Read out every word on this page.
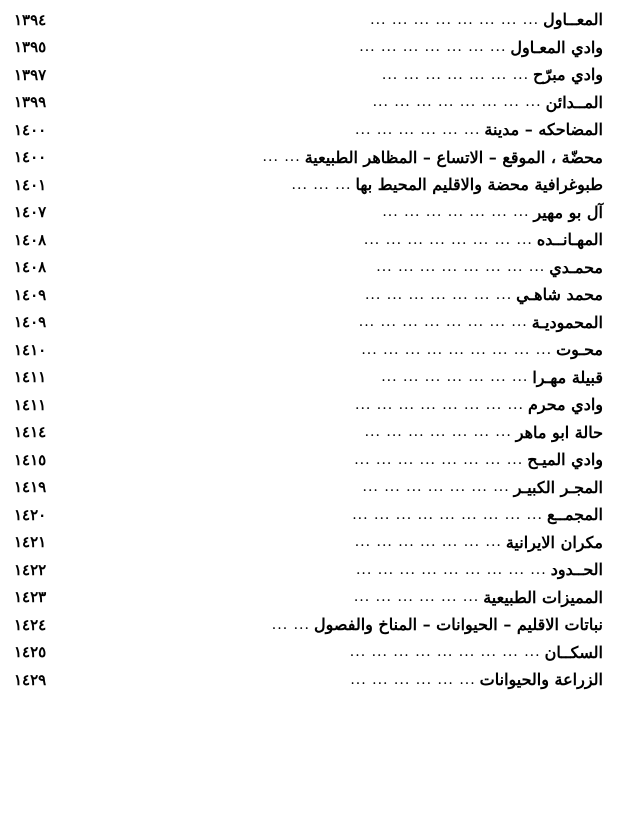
١٣٩٤	... ... ... ... ... ... ... ... المعــاول
١٣٩٥	... ... ... ... ... ... ... وادي المعـاول
١٣٩٧	... ... ... ... ... ... ... وادي مبرّح
١٣٩٩	... ... ... ... ... ... ... ... المــدائن
١٤٠٠	... ... ... ... ... ... المضاحكه – مدينة
١٤٠٠	... ... محضّة ، الموقع – الاتساع – المظاهر الطبيعية
١٤٠١	... ... ... طبوغرافية محضة والاقليم المحيط بها
١٤٠٧	... ... ... ... ... ... ... آل بو مهير
١٤٠٨	... ... ... ... ... ... ... ... المهـانــده
١٤٠٨	... ... ... ... ... ... ... ... محمـدي
١٤٠٩	... ... ... ... ... ... ... محمد شاهـي
١٤٠٩	... ... ... ... ... ... ... ... المحموديـة
١٤١٠	... ... ... ... ... ... ... ... ... محـوت
١٤١١	... ... ... ... ... ... ... قبيلة مهـرا
١٤١١	... ... ... ... ... ... ... ... وادي محرم
١٤١٤	... ... ... ... ... ... ... حالة ابو ماهر
١٤١٥	... ... ... ... ... ... ... ... وادي الميـح
١٤١٩	... ... ... ... ... ... ... المجـر الكبيـر
١٤٢٠	... ... ... ... ... ... ... ... ... المجمــع
١٤٢١	... ... ... ... ... ... ... مكران الايرانية
١٤٢٢	... ... ... ... ... ... ... ... ... الحــدود
١٤٢٣	... ... ... ... ... ... المميزات الطبيعية
١٤٢٤	... ... نباتات الاقليم – الحيوانات – المناخ والفصول
١٤٢٥	... ... ... ... ... ... ... ... ... السكــان
١٤٢٩	... ... ... ... ... ... الزراعة والحيوانات
